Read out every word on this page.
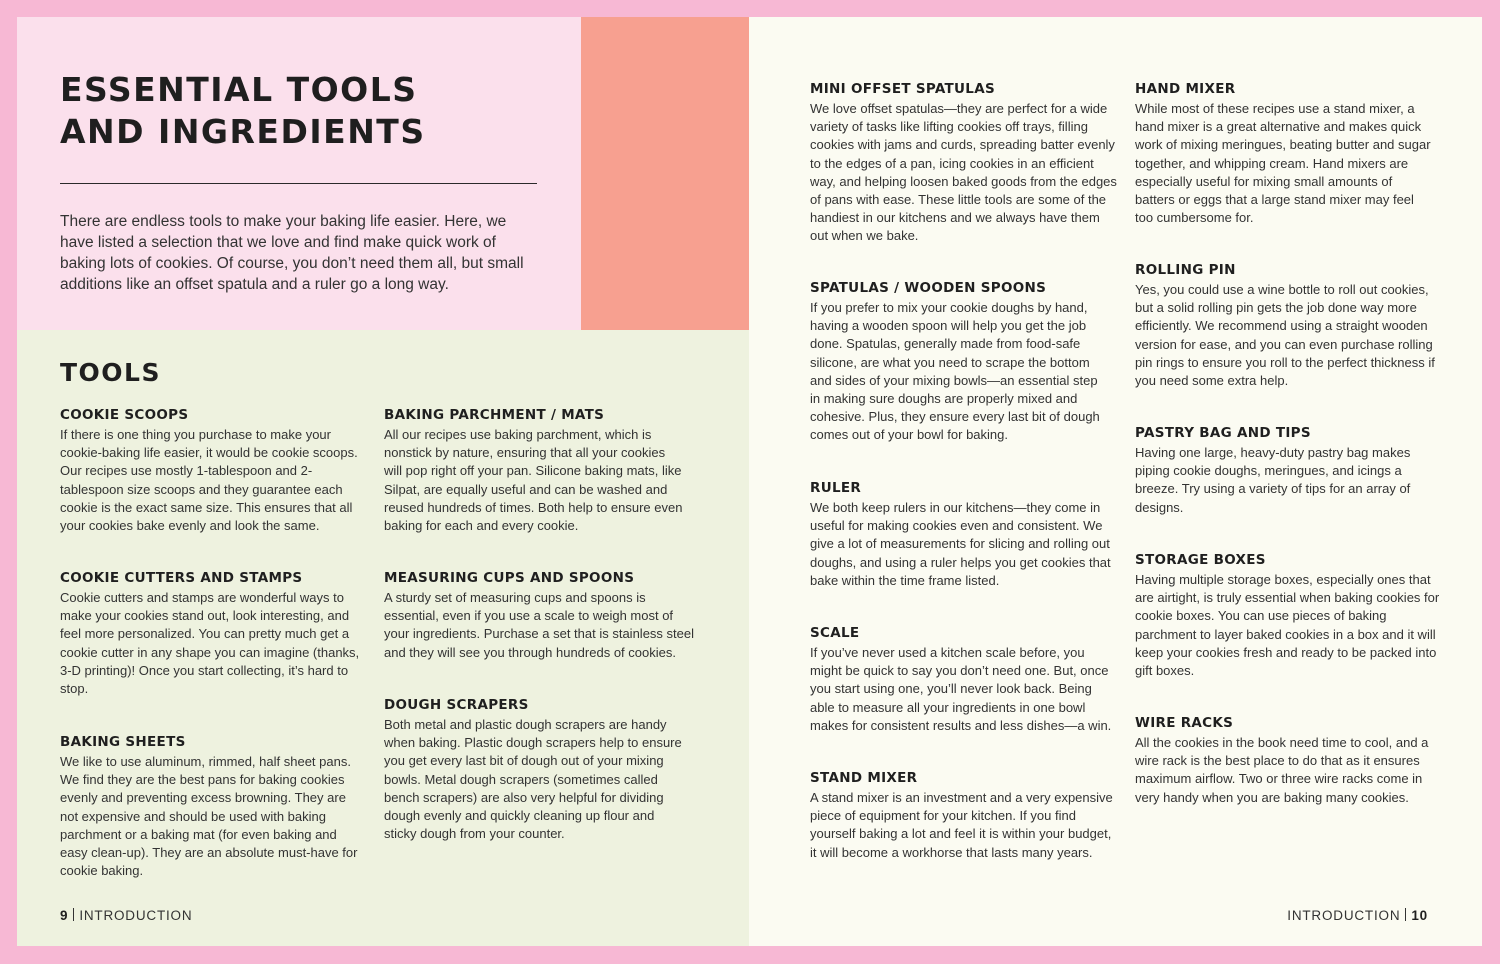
ESSENTIAL TOOLS
AND INGREDIENTS

There are endless tools to make your baking life easier. Here, we have listed a selection that we love and find make quick work of baking lots of cookies. Of course, you don’t need them all, but small additions like an offset spatula and a ruler go a long way.

TOOLS
COOKIE SCOOPS

If there is one thing you purchase to make your cookie-baking life easier, it would be cookie scoops. Our recipes use mostly 1-tablespoon and 2-tablespoon size scoops and they guarantee each cookie is the exact same size. This ensures that all your cookies bake evenly and look the same.

COOKIE CUTTERS AND STAMPS

Cookie cutters and stamps are wonderful ways to make your cookies stand out, look interesting, and feel more personalized. You can pretty much get a cookie cutter in any shape you can imagine (thanks, 3-D printing)! Once you start collecting, it’s hard to stop.

BAKING SHEETS

We like to use aluminum, rimmed, half sheet pans. We find they are the best pans for baking cookies evenly and preventing excess browning. They are not expensive and should be used with baking parchment or a baking mat (for even baking and easy clean-up). They are an absolute must-have for cookie baking.

BAKING PARCHMENT / MATS

All our recipes use baking parchment, which is nonstick by nature, ensuring that all your cookies will pop right off your pan. Silicone baking mats, like Silpat, are equally useful and can be washed and reused hundreds of times. Both help to ensure even baking for each and every cookie.

MEASURING CUPS AND SPOONS

A sturdy set of measuring cups and spoons is essential, even if you use a scale to weigh most of your ingredients. Purchase a set that is stainless steel and they will see you through hundreds of cookies.

DOUGH SCRAPERS

Both metal and plastic dough scrapers are handy when baking. Plastic dough scrapers help to ensure you get every last bit of dough out of your mixing bowls. Metal dough scrapers (sometimes called bench scrapers) are also very helpful for dividing dough evenly and quickly cleaning up flour and sticky dough from your counter.

9 INTRODUCTION
MINI OFFSET SPATULAS

We love offset spatulas—they are perfect for a wide variety of tasks like lifting cookies off trays, filling cookies with jams and curds, spreading batter evenly to the edges of a pan, icing cookies in an efficient way, and helping loosen baked goods from the edges of pans with ease. These little tools are some of the handiest in our kitchens and we always have them out when we bake.

SPATULAS / WOODEN SPOONS

If you prefer to mix your cookie doughs by hand, having a wooden spoon will help you get the job done. Spatulas, generally made from food-safe silicone, are what you need to scrape the bottom and sides of your mixing bowls—an essential step in making sure doughs are properly mixed and cohesive. Plus, they ensure every last bit of dough comes out of your bowl for baking.

RULER

We both keep rulers in our kitchens—they come in useful for making cookies even and consistent. We give a lot of measurements for slicing and rolling out doughs, and using a ruler helps you get cookies that bake within the time frame listed.

SCALE

If you’ve never used a kitchen scale before, you might be quick to say you don’t need one. But, once you start using one, you’ll never look back. Being able to measure all your ingredients in one bowl makes for consistent results and less dishes—a win.

STAND MIXER

A stand mixer is an investment and a very expensive piece of equipment for your kitchen. If you find yourself baking a lot and feel it is within your budget, it will become a workhorse that lasts many years.

HAND MIXER

While most of these recipes use a stand mixer, a hand mixer is a great alternative and makes quick work of mixing meringues, beating butter and sugar together, and whipping cream. Hand mixers are especially useful for mixing small amounts of batters or eggs that a large stand mixer may feel too cumbersome for.

ROLLING PIN

Yes, you could use a wine bottle to roll out cookies, but a solid rolling pin gets the job done way more efficiently. We recommend using a straight wooden version for ease, and you can even purchase rolling pin rings to ensure you roll to the perfect thickness if you need some extra help.

PASTRY BAG AND TIPS

Having one large, heavy-duty pastry bag makes piping cookie doughs, meringues, and icings a breeze. Try using a variety of tips for an array of designs.

STORAGE BOXES

Having multiple storage boxes, especially ones that are airtight, is truly essential when baking cookies for cookie boxes. You can use pieces of baking parchment to layer baked cookies in a box and it will keep your cookies fresh and ready to be packed into gift boxes.

WIRE RACKS

All the cookies in the book need time to cool, and a wire rack is the best place to do that as it ensures maximum airflow. Two or three wire racks come in very handy when you are baking many cookies.

INTRODUCTION 10
